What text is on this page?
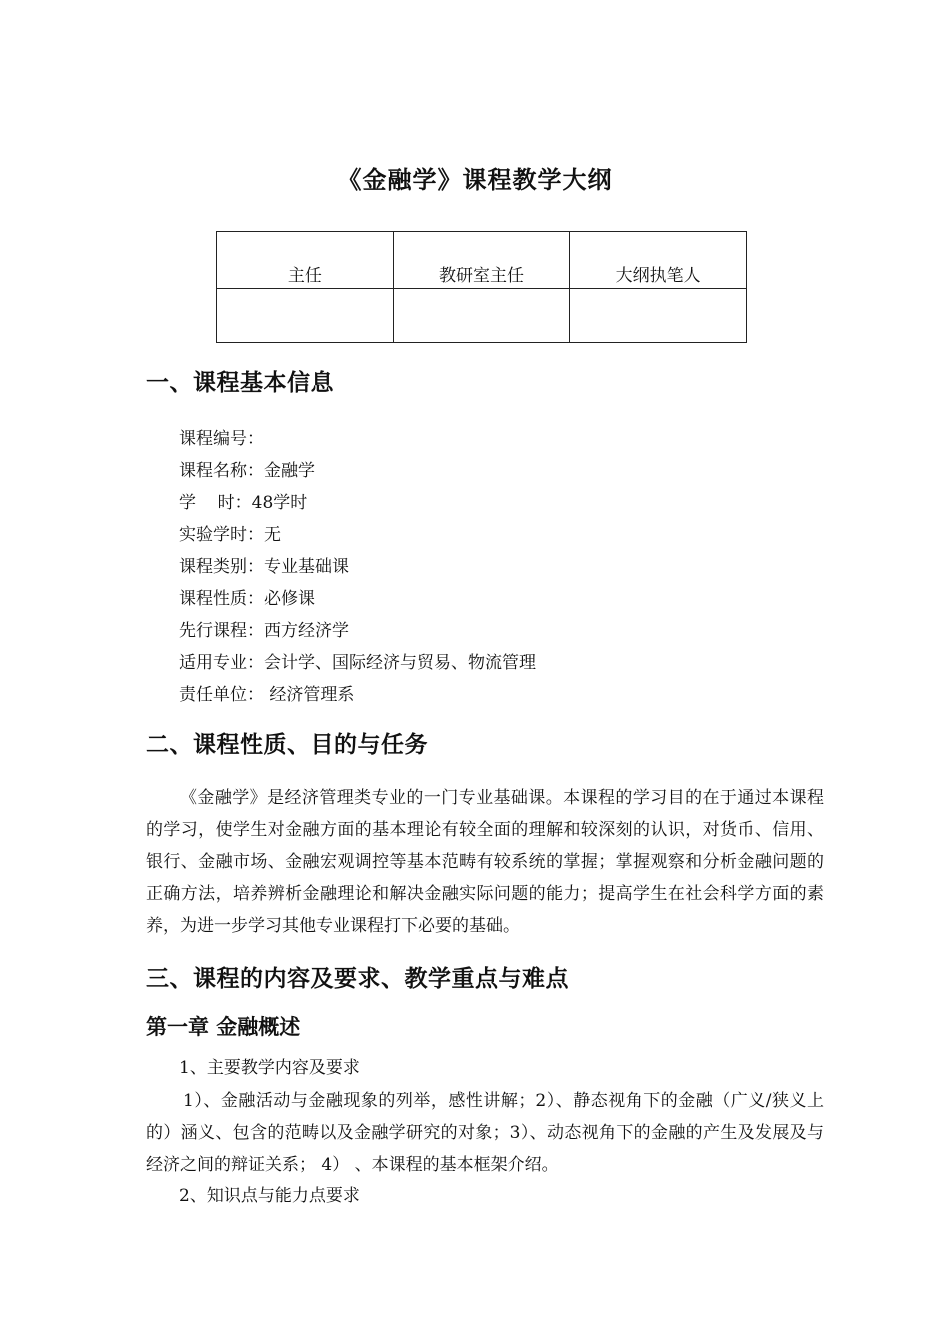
《金融学》课程教学大纲
主任	教研室主任	大纲执笔人

一、课程基本信息
课程编号：
课程名称：金融学
学    时：48学时
实验学时：无
课程类别：专业基础课
课程性质：必修课
先行课程：西方经济学
适用专业：会计学、国际经济与贸易、物流管理
责任单位： 经济管理系
二、课程性质、目的与任务
《金融学》是经济管理类专业的一门专业基础课。本课程的学习目的在于通过本课程的学习，使学生对金融方面的基本理论有较全面的理解和较深刻的认识，对货币、信用、银行、金融市场、金融宏观调控等基本范畴有较系统的掌握；掌握观察和分析金融问题的正确方法，培养辨析金融理论和解决金融实际问题的能力；提高学生在社会科学方面的素养，为进一步学习其他专业课程打下必要的基础。
三、课程的内容及要求、教学重点与难点
第一章 金融概述
1、主要教学内容及要求
1）、金融活动与金融现象的列举，感性讲解；2）、静态视角下的金融（广义/狭义上的）涵义、包含的范畴以及金融学研究的对象；3）、动态视角下的金融的产生及发展及与经济之间的辩证关系； 4） 、本课程的基本框架介绍。
2、知识点与能力点要求
